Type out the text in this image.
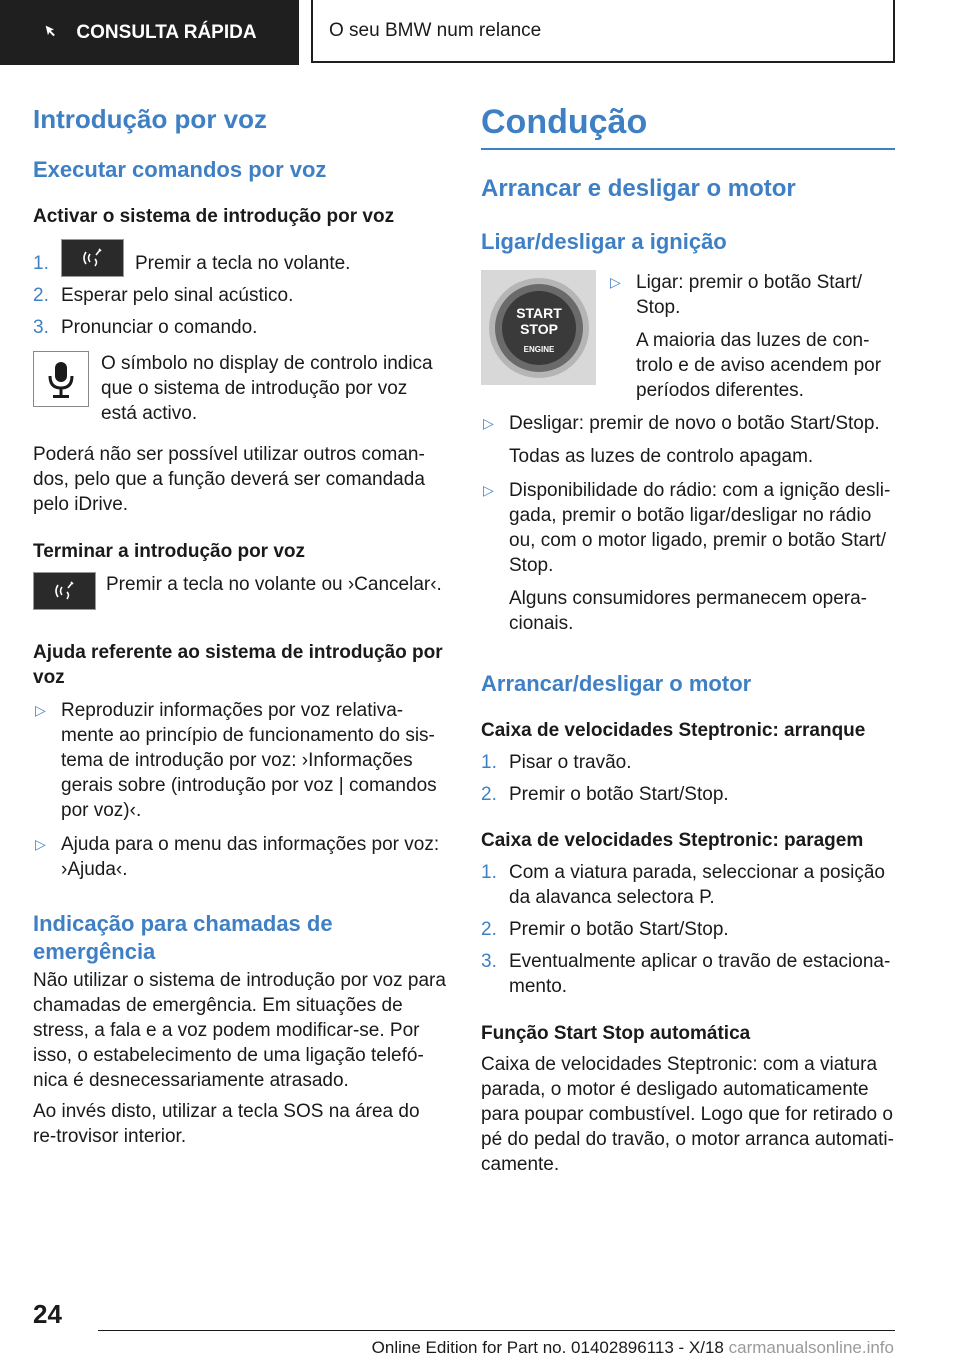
CONSULTA RÁPIDA	O seu BMW num relance
Introdução por voz
Executar comandos por voz
Activar o sistema de introdução por voz
1.	Premir a tecla no volante.
2. Esperar pelo sinal acústico.
3. Pronunciar o comando.

O símbolo no display de controlo indica que o sistema de introdução por voz está activo.

Poderá não ser possível utilizar outros coman-dos, pelo que a função deverá ser comandada pelo iDrive.

Terminar a introdução por voz

Premir a tecla no volante ou ›Cancelar‹.

Ajuda referente ao sistema de introdução por voz
▷ Reproduzir informações por voz relativa-mente ao princípio de funcionamento do sis-tema de introdução por voz: ›Informações gerais sobre (introdução por voz | comandos por voz)‹.
▷ Ajuda para o menu das informações por voz: ›Ajuda‹.
Indicação para chamadas de emergência

Não utilizar o sistema de introdução por voz para chamadas de emergência. Em situações de stress, a fala e a voz podem modificar-se. Por isso, o estabelecimento de uma ligação telefó-nica é desnecessariamente atrasado.

Ao invés disto, utilizar a tecla SOS na área do re-trovisor interior.

Condução
Arrancar e desligar o motor
Ligar/desligar a ignição
START
STOP
ENGINE
▷ Ligar: premir o botão Start/ Stop.

A maioria das luzes de con-trolo e de aviso acendem por períodos diferentes.

▷ Desligar: premir de novo o botão Start/Stop.

Todas as luzes de controlo apagam.

▷ Disponibilidade do rádio: com a ignição desli-gada, premir o botão ligar/desligar no rádio ou, com o motor ligado, premir o botão Start/ Stop.

Alguns consumidores permanecem opera-cionais.

Arrancar/desligar o motor
Caixa de velocidades Steptronic: arranque
1. Pisar o travão.
2. Premir o botão Start/Stop.
Caixa de velocidades Steptronic: paragem
1. Com a viatura parada, seleccionar a posição da alavanca selectora P.
2. Premir o botão Start/Stop.
3. Eventualmente aplicar o travão de estaciona-mento.
Função Start Stop automática

Caixa de velocidades Steptronic: com a viatura parada, o motor é desligado automaticamente para poupar combustível. Logo que for retirado o pé do pedal do travão, o motor arranca automati-camente.

24
Online Edition for Part no. 01402896113 - X/18 carmanualsonline.info
